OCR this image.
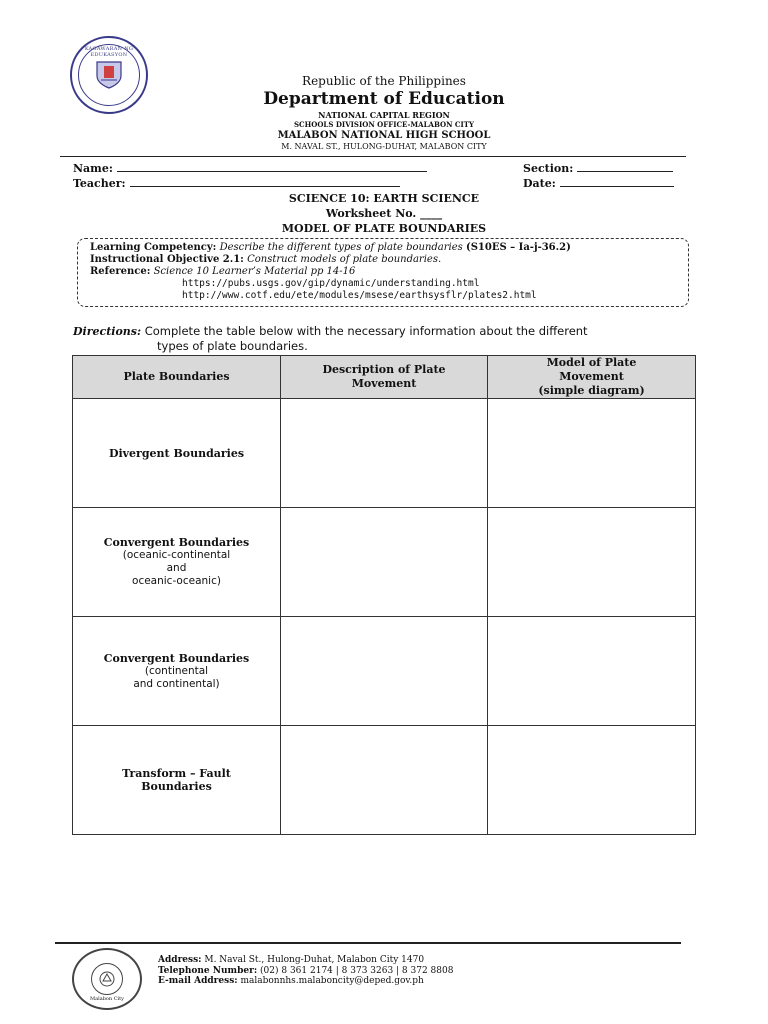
KAGAWARAN NG EDUKASYON
Republic of the Philippines
Department of Education
NATIONAL CAPITAL REGION
SCHOOLS DIVISION OFFICE-MALABON CITY
MALABON NATIONAL HIGH SCHOOL
M. NAVAL ST., HULONG-DUHAT, MALABON CITY
Name:	Section:
Teacher:	Date:
SCIENCE 10: EARTH SCIENCE
Worksheet No. ____
MODEL OF PLATE BOUNDARIES
Learning Competency: Describe the different types of plate boundaries (S10ES – Ia-j-36.2)
Instructional Objective 2.1: Construct models of plate boundaries.
Reference: Science 10 Learner’s Material pp 14-16
https://pubs.usgs.gov/gip/dynamic/understanding.html
http://www.cotf.edu/ete/modules/msese/earthsysflr/plates2.html
Directions: Complete the table below with the necessary information about the different
types of plate boundaries.
Plate Boundaries	Description of Plate Movement	Model of Plate Movement
(simple diagram)

Divergent Boundaries		

Convergent Boundaries
(oceanic-continental
and
oceanic-oceanic)		

Convergent Boundaries
(continental
and continental)		

Transform – Fault
Boundaries		

Malabon City
Address: M. Naval St., Hulong-Duhat, Malabon City 1470
Telephone Number: (02) 8 361 2174 | 8 373 3263 | 8 372 8808
E-mail Address: malabonnhs.malaboncity@deped.gov.ph
